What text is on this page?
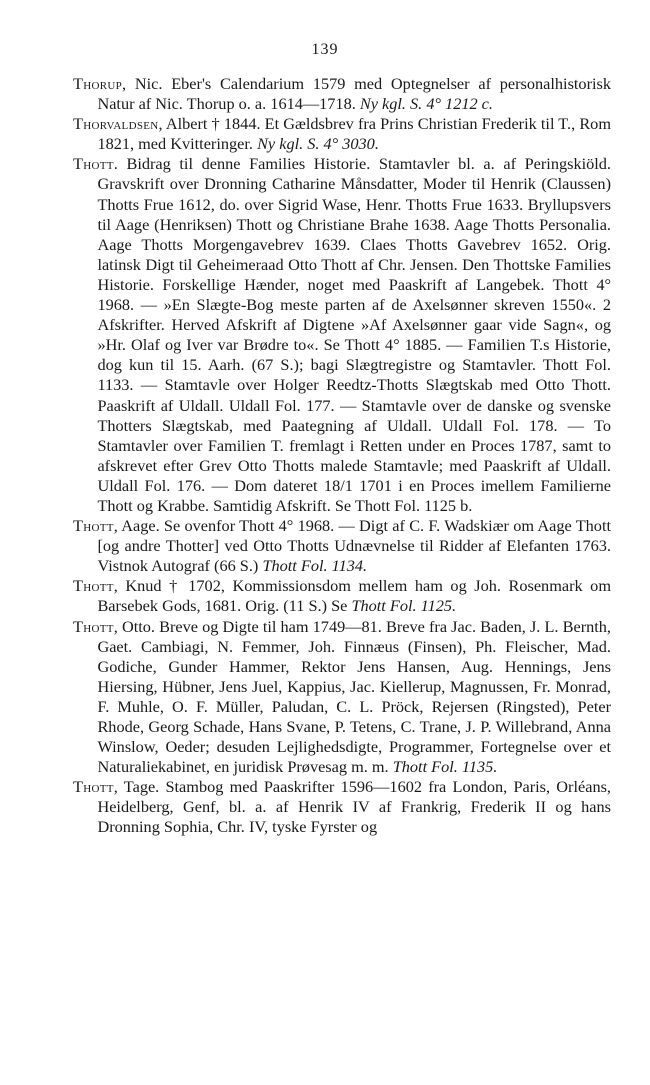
139

Thorup, Nic. Eber's Calendarium 1579 med Optegnelser af personalhistorisk Natur af Nic. Thorup o. a. 1614—1718. Ny kgl. S. 4° 1212 c.

Thorvaldsen, Albert † 1844. Et Gældsbrev fra Prins Christian Frederik til T., Rom 1821, med Kvitteringer. Ny kgl. S. 4° 3030.

Thott. Bidrag til denne Families Historie. Stamtavler bl. a. af Peringskiöld. Gravskrift over Dronning Catharine Månsdatter, Moder til Henrik (Claussen) Thotts Frue 1612, do. over Sigrid Wase, Henr. Thotts Frue 1633. Bryllupsvers til Aage (Henriksen) Thott og Christiane Brahe 1638. Aage Thotts Personalia. Aage Thotts Morgengavebrev 1639. Claes Thotts Gavebrev 1652. Orig. latinsk Digt til Geheimeraad Otto Thott af Chr. Jensen. Den Thottske Families Historie. Forskellige Hænder, noget med Paaskrift af Langebek. Thott 4° 1968. — »En Slægte-Bog meste parten af de Axelsønner skreven 1550«. 2 Afskrifter. Herved Afskrift af Digtene »Af Axelsønner gaar vide Sagn«, og »Hr. Olaf og Iver var Brødre to«. Se Thott 4° 1885. — Familien T.s Historie, dog kun til 15. Aarh. (67 S.); bagi Slægtregistre og Stamtavler. Thott Fol. 1133. — Stamtavle over Holger Reedtz-Thotts Slægtskab med Otto Thott. Paaskrift af Uldall. Uldall Fol. 177. — Stamtavle over de danske og svenske Thotters Slægtskab, med Paategning af Uldall. Uldall Fol. 178. — To Stamtavler over Familien T. fremlagt i Retten under en Proces 1787, samt to afskrevet efter Grev Otto Thotts malede Stamtavle; med Paaskrift af Uldall. Uldall Fol. 176. — Dom dateret 18/1 1701 i en Proces imellem Familierne Thott og Krabbe. Samtidig Afskrift. Se Thott Fol. 1125 b.

Thott, Aage. Se ovenfor Thott 4° 1968. — Digt af C. F. Wadskiær om Aage Thott [og andre Thotter] ved Otto Thotts Udnævnelse til Ridder af Elefanten 1763. Vistnok Autograf (66 S.) Thott Fol. 1134.

Thott, Knud † 1702, Kommissionsdom mellem ham og Joh. Rosenmark om Barsebek Gods, 1681. Orig. (11 S.) Se Thott Fol. 1125.

Thott, Otto. Breve og Digte til ham 1749—81. Breve fra Jac. Baden, J. L. Bernth, Gaet. Cambiagi, N. Femmer, Joh. Finnæus (Finsen), Ph. Fleischer, Mad. Godiche, Gunder Hammer, Rektor Jens Hansen, Aug. Hennings, Jens Hiersing, Hübner, Jens Juel, Kappius, Jac. Kiellerup, Magnussen, Fr. Monrad, F. Muhle, O. F. Müller, Paludan, C. L. Pröck, Rejersen (Ringsted), Peter Rhode, Georg Schade, Hans Svane, P. Tetens, C. Trane, J. P. Willebrand, Anna Winslow, Oeder; desuden Lejlighedsdigte, Programmer, Fortegnelse over et Naturaliekabinet, en juridisk Prøvesag m. m. Thott Fol. 1135.

Thott, Tage. Stambog med Paaskrifter 1596—1602 fra London, Paris, Orléans, Heidelberg, Genf, bl. a. af Henrik IV af Frankrig, Frederik II og hans Dronning Sophia, Chr. IV, tyske Fyrster og
